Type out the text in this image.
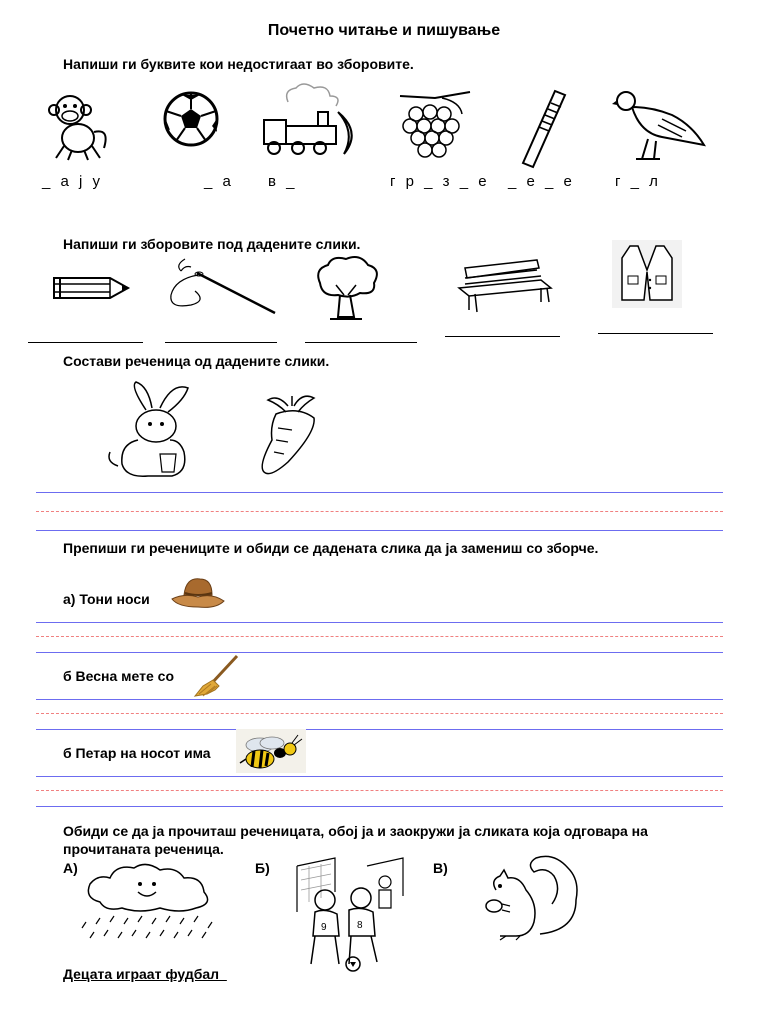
Почетно читање и пишување
Напиши ги буквите кои недостигаат во зборовите.
_ а ј у	_ а в _	г р _ з _ е _ е _ е	г _ л
Напиши ги зборовите под дадените слики.
Состави реченица од дадените слики.
Препиши ги речениците и обиди се дадената слика да ја замениш со зборче.
а) Тони носи
б Весна мете со
б Петар на носот има
Обиди се да ја прочиташ реченицата, обој ја и заокружи ја сликата која одговара на
прочитаната реченица.
А)	Б)	В)
9	8
Децата играат фудбал
